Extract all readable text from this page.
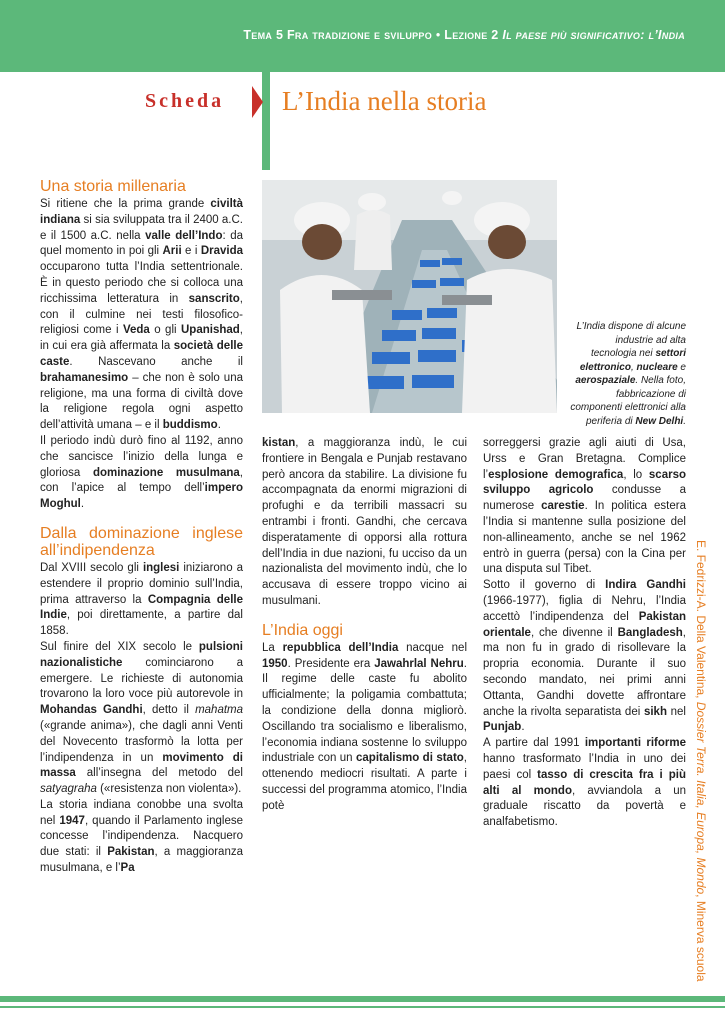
Tema 5 Fra tradizione e sviluppo • Lezione 2 Il paese più significativo: l’India
Scheda L’India nella storia
Una storia millenaria

Si ritiene che la prima grande civiltà indiana si sia sviluppata tra il 2400 a.C. e il 1500 a.C. nella valle dell’Indo: da quel momento in poi gli Arii e i Dravida occuparono tutta l’India settentrionale. È in questo periodo che si colloca una ricchissima letteratura in sanscrito, con il culmine nei testi filosofico-religiosi come i Veda o gli Upanishad, in cui era già affermata la società delle caste. Nascevano anche il brahamanesimo – che non è solo una religione, ma una forma di civiltà dove la religione regola ogni aspetto dell’attività umana – e il buddismo.

Il periodo indù durò fino al 1192, anno che sancisce l’inizio della lunga e gloriosa dominazione musulmana, con l’apice al tempo dell’impero Moghul.

Dalla dominazione inglese all’indipendenza

Dal XVIII secolo gli inglesi iniziarono a estendere il proprio dominio sull’India, prima attraverso la Compagnia delle Indie, poi direttamente, a partire dal 1858.

Sul finire del XIX secolo le pulsioni nazionalistiche cominciarono a emergere. Le richieste di autonomia trovarono la loro voce più autorevole in Mohandas Gandhi, detto il mahatma («grande anima»), che dagli anni Venti del Novecento trasformò la lotta per l’indipendenza in un movimento di massa all’insegna del metodo del satyagraha («resistenza non violenta»).

La storia indiana conobbe una svolta nel 1947, quando il Parlamento inglese concesse l’indipendenza. Nacquero due stati: il Pakistan, a maggioranza musulmana, e l’Pa

L’India dispone di alcune industrie ad alta tecnologia nei settori elettronico, nucleare e aerospaziale. Nella foto, fabbricazione di componenti elettronici alla periferia di New Delhi.

kistan, a maggioranza indù, le cui frontiere in Bengala e Punjab restavano però ancora da stabilire. La divisione fu accompagnata da enormi migrazioni di profughi e da terribili massacri su entrambi i fronti. Gandhi, che cercava disperatamente di opporsi alla rottura dell’India in due nazioni, fu ucciso da un nazionalista del movimento indù, che lo accusava di essere troppo vicino ai musulmani.

L’India oggi

La repubblica dell’India nacque nel 1950. Presidente era Jawahrlal Nehru. Il regime delle caste fu abolito ufficialmente; la poligamia combattuta; la condizione della donna migliorò. Oscillando tra socialismo e liberalismo, l’economia indiana sostenne lo sviluppo industriale con un capitalismo di stato, ottenendo mediocri risultati. A parte i successi del programma atomico, l’India potè

sorreggersi grazie agli aiuti di Usa, Urss e Gran Bretagna. Complice l’esplosione demografica, lo scarso sviluppo agricolo condusse a numerose carestie. In politica estera l’India si mantenne sulla posizione del non-allineamento, anche se nel 1962 entrò in guerra (persa) con la Cina per una disputa sul Tibet.

Sotto il governo di Indira Gandhi (1966-1977), figlia di Nehru, l’India accettò l’indipendenza del Pakistan orientale, che divenne il Bangladesh, ma non fu in grado di risollevare la propria economia. Durante il suo secondo mandato, nei primi anni Ottanta, Gandhi dovette affrontare anche la rivolta separatista dei sikh nel Punjab.

A partire dal 1991 importanti riforme hanno trasformato l’India in uno dei paesi col tasso di crescita fra i più alti al mondo, avviandola a un graduale riscatto da povertà e analfabetismo.

E. Fedrizzi-A. Della Valentina, Dossier Terra. Italia, Europa, Mondo, Minerva scuola
